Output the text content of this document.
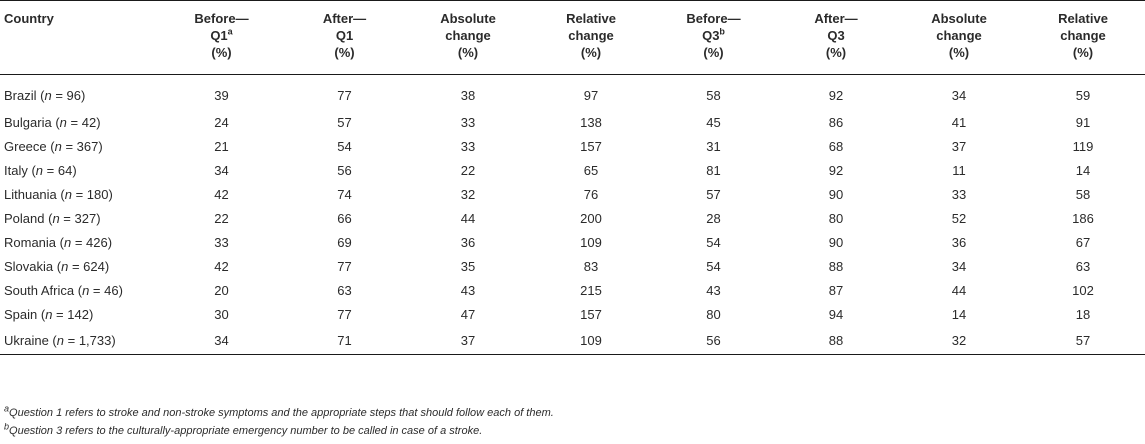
Country	Before—
Q1$^a$
(%)	After—
Q1
(%)	Absolute
change
(%)	Relative
change
(%)	Before—
Q3$^b$
(%)	After—
Q3
(%)	Absolute
change
(%)	Relative
change
(%)
Brazil (n = 96)	39	77	38	97	58	92	34	59
Bulgaria (n = 42)	24	57	33	138	45	86	41	91
Greece (n = 367)	21	54	33	157	31	68	37	119
Italy (n = 64)	34	56	22	65	81	92	11	14
Lithuania (n = 180)	42	74	32	76	57	90	33	58
Poland (n = 327)	22	66	44	200	28	80	52	186
Romania (n = 426)	33	69	36	109	54	90	36	67
Slovakia (n = 624)	42	77	35	83	54	88	34	63
South Africa (n = 46)	20	63	43	215	43	87	44	102
Spain (n = 142)	30	77	47	157	80	94	14	18
Ukraine (n = 1,733)	34	71	37	109	56	88	32	57
$^a$Question 1 refers to stroke and non-stroke symptoms and the appropriate steps that should follow each of them.
$^b$Question 3 refers to the culturally-appropriate emergency number to be called in case of a stroke.
